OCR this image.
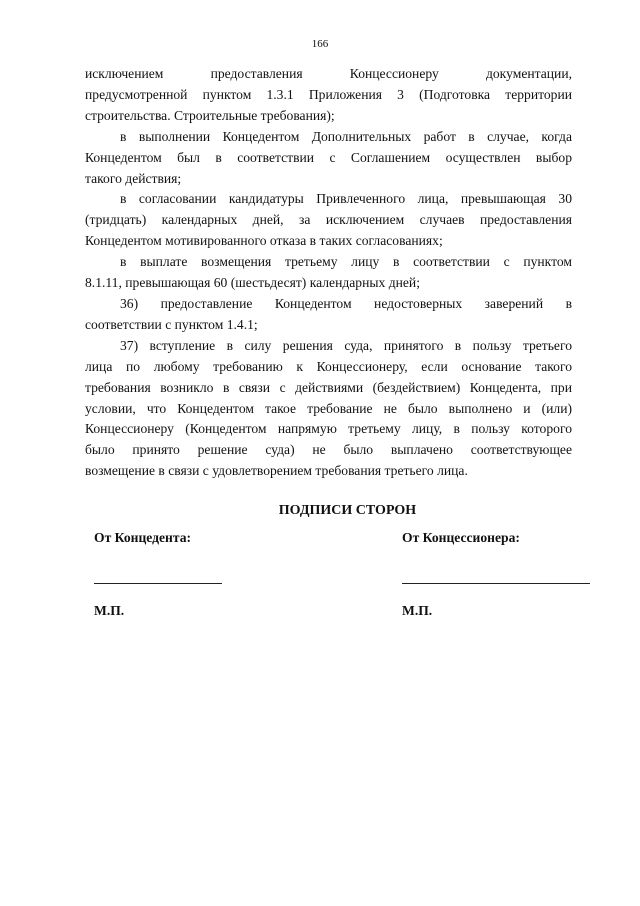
166
исключением предоставления Концессионеру документации,
предусмотренной пунктом 1.3.1 Приложения 3 (Подготовка территории
строительства. Строительные требования);
в выполнении Концедентом Дополнительных работ в случае, когда
Концедентом был в соответствии с Соглашением осуществлен выбор
такого действия;
в согласовании кандидатуры Привлеченного лица, превышающая 30
(тридцать) календарных дней, за исключением случаев предоставления
Концедентом мотивированного отказа в таких согласованиях;
в выплате возмещения третьему лицу в соответствии с пунктом
8.1.11, превышающая 60 (шестьдесят) календарных дней;
36) предоставление Концедентом недостоверных заверений в
соответствии с пунктом 1.4.1;
37) вступление в силу решения суда, принятого в пользу третьего
лица по любому требованию к Концессионеру, если основание такого
требования возникло в связи с действиями (бездействием) Концедента, при
условии, что Концедентом такое требование не было выполнено и (или)
Концессионеру (Концедентом напрямую третьему лицу, в пользу которого
было принято решение суда) не было выплачено соответствующее
возмещение в связи с удовлетворением требования третьего лица.
ПОДПИСИ СТОРОН
От Концедента:	От Концессионера:
М.П.	М.П.
